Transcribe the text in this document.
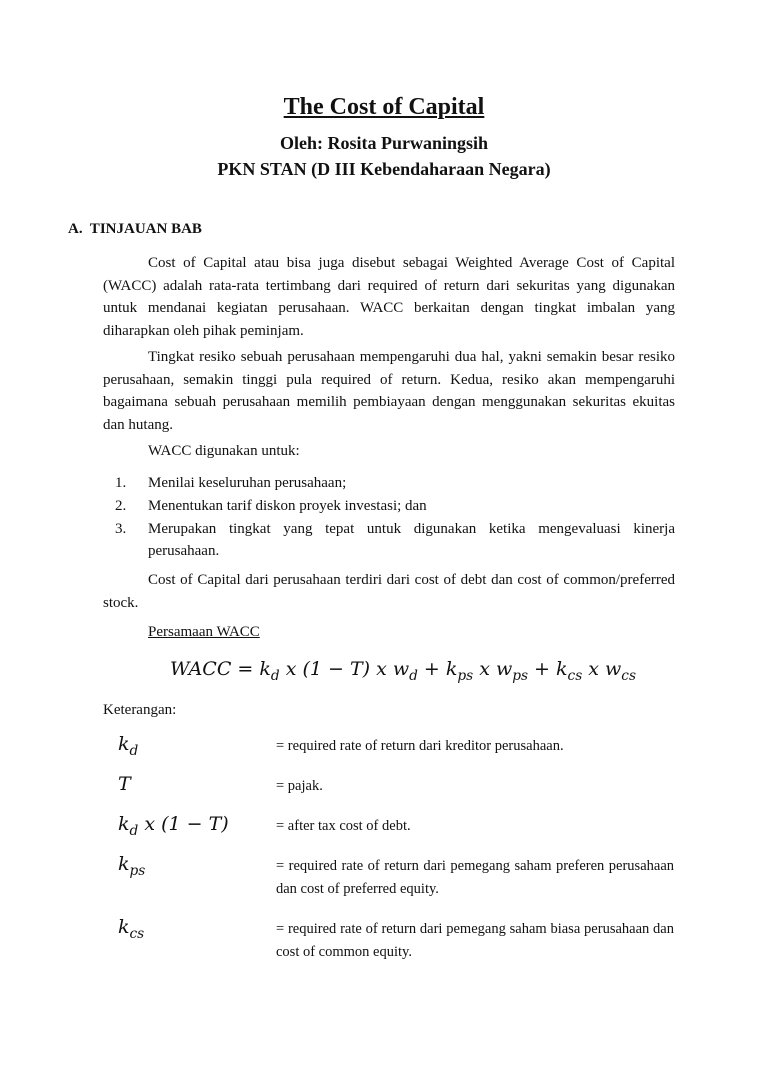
The Cost of Capital
Oleh: Rosita Purwaningsih
PKN STAN (D III Kebendaharaan Negara)
A.  TINJAUAN BAB

Cost of Capital atau bisa juga disebut sebagai Weighted Average Cost of Capital (WACC) adalah rata-rata tertimbang dari required of return dari sekuritas yang digunakan untuk mendanai kegiatan perusahaan. WACC berkaitan dengan tingkat imbalan yang diharapkan oleh pihak peminjam.

Tingkat resiko sebuah perusahaan mempengaruhi dua hal, yakni semakin besar resiko perusahaan, semakin tinggi pula required of return. Kedua, resiko akan mempengaruhi bagaimana sebuah perusahaan memilih pembiayaan dengan menggunakan sekuritas ekuitas dan hutang.

WACC digunakan untuk:

1. Menilai keseluruhan perusahaan;
2. Menentukan tarif diskon proyek investasi; dan
3. Merupakan tingkat yang tepat untuk digunakan ketika mengevaluasi kinerja perusahaan.

Cost of Capital dari perusahaan terdiri dari cost of debt dan cost of common/preferred stock.

Persamaan WACC
WACC = $k_d$ x (1 − T) x $w_d + k_{ps}$ x $w_{ps} + k_{cs}$ x $w_{cs}$
Keterangan:
$k_d$	= required rate of return dari kreditor perusahaan.
T	= pajak.
$k_d$ x (1 − T)	= after tax cost of debt.
$k_{ps}$	= required rate of return dari pemegang saham preferen perusahaan dan cost of preferred equity.
$k_{cs}$	= required rate of return dari pemegang saham biasa perusahaan dan cost of common equity.
